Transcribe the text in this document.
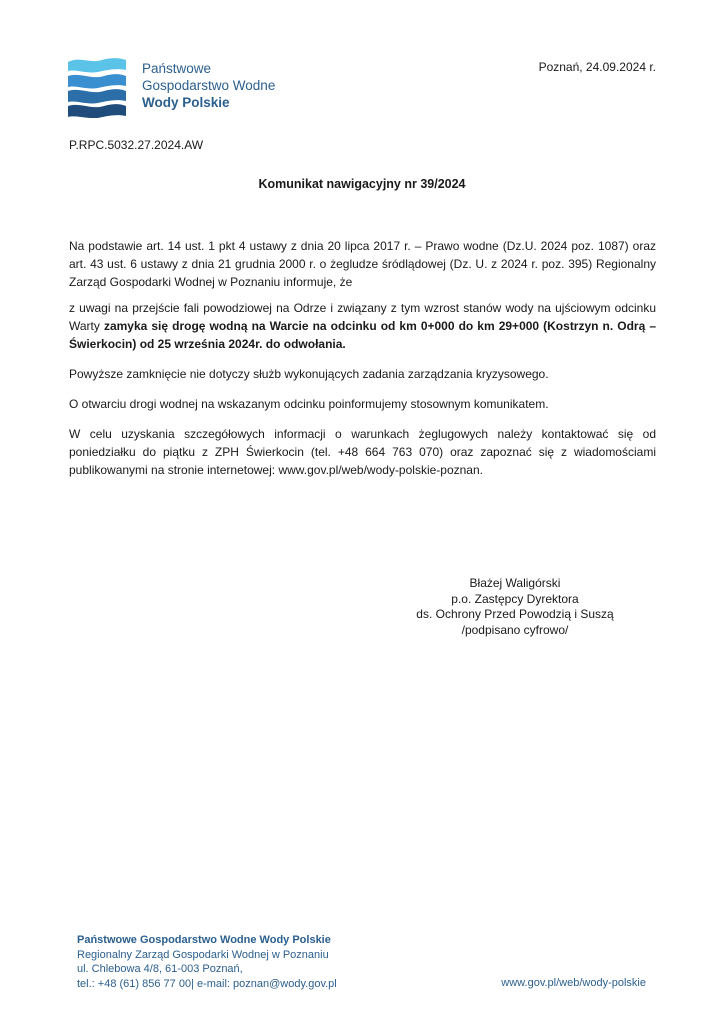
Państwowe
Gospodarstwo Wodne
Wody Polskie
Poznań, 24.09.2024 r.
P.RPC.5032.27.2024.AW
Komunikat nawigacyjny nr 39/2024

Na podstawie art. 14 ust. 1 pkt 4 ustawy z dnia 20 lipca 2017 r. – Prawo wodne (Dz.U. 2024 poz. 1087) oraz art. 43 ust. 6 ustawy z dnia 21 grudnia 2000 r. o żegludze śródlądowej (Dz. U. z 2024 r. poz. 395) Regionalny Zarząd Gospodarki Wodnej w Poznaniu informuje, że

z uwagi na przejście fali powodziowej na Odrze i związany z tym wzrost stanów wody na ujściowym odcinku Warty zamyka się drogę wodną na Warcie na odcinku od km 0+000 do km 29+000 (Kostrzyn n. Odrą – Świerkocin) od 25 września 2024r. do odwołania.

Powyższe zamknięcie nie dotyczy służb wykonujących zadania zarządzania kryzysowego.

O otwarciu drogi wodnej na wskazanym odcinku poinformujemy stosownym komunikatem.

W celu uzyskania szczegółowych informacji o warunkach żeglugowych należy kontaktować się od poniedziałku do piątku z ZPH Świerkocin (tel. +48 664 763 070) oraz zapoznać się z wiadomościami publikowanymi na stronie internetowej: www.gov.pl/web/wody-polskie-poznan.

Błażej Waligórski
p.o. Zastępcy Dyrektora
ds. Ochrony Przed Powodzią i Suszą
/podpisano cyfrowo/
Państwowe Gospodarstwo Wodne Wody Polskie
Regionalny Zarząd Gospodarki Wodnej w Poznaniu
ul. Chlebowa 4/8, 61-003 Poznań,
tel.: +48 (61) 856 77 00| e-mail: poznan@wody.gov.pl	www.gov.pl/web/wody-polskie
